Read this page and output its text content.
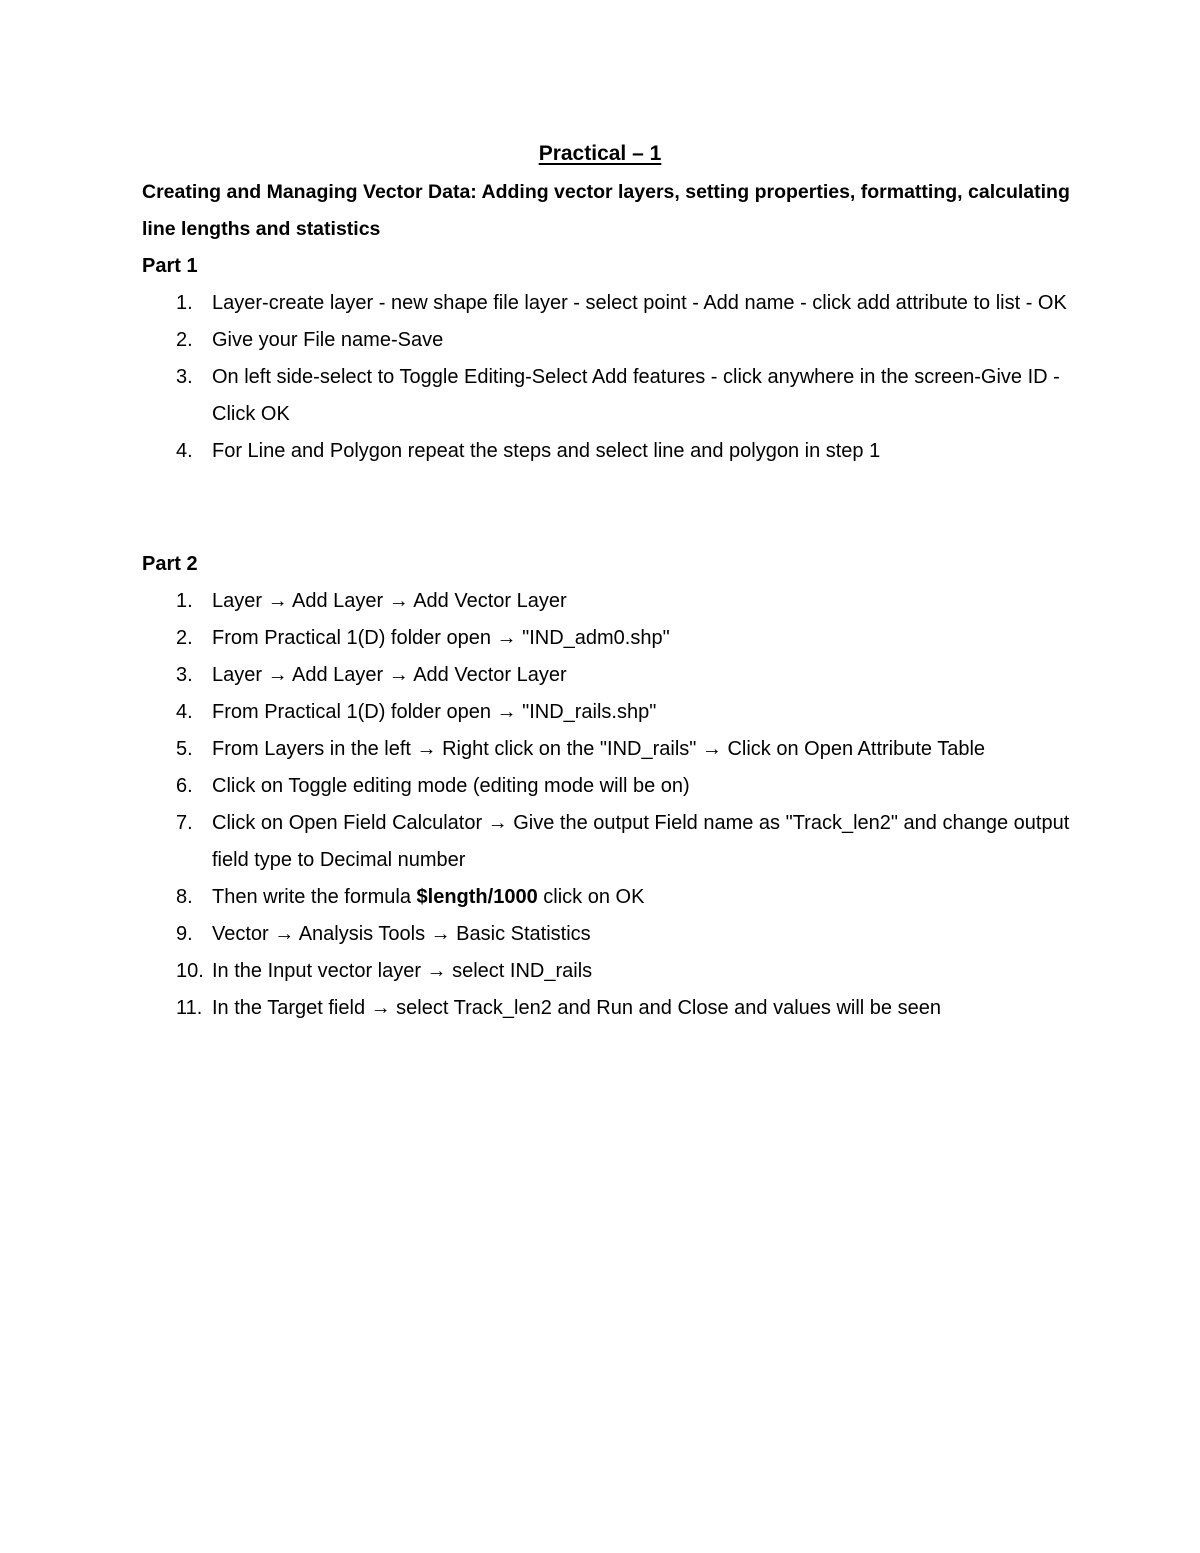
Practical – 1
Creating and Managing Vector Data: Adding vector layers, setting properties, formatting, calculating line lengths and statistics
Part 1
1. Layer-create layer - new shape file layer - select point - Add name - click add attribute to list - OK
2. Give your File name-Save
3. On left side-select to Toggle Editing-Select Add features - click anywhere in the screen-Give ID - Click OK
4. For Line and Polygon repeat the steps and select line and polygon in step 1
Part 2
1. Layer → Add Layer → Add Vector Layer
2. From Practical 1(D) folder open → "IND_adm0.shp"
3. Layer → Add Layer → Add Vector Layer
4. From Practical 1(D) folder open → "IND_rails.shp"
5. From Layers in the left → Right click on the "IND_rails" → Click on Open Attribute Table
6. Click on Toggle editing mode (editing mode will be on)
7. Click on Open Field Calculator → Give the output Field name as "Track_len2" and change output field type to Decimal number
8. Then write the formula $length/1000 click on OK
9. Vector → Analysis Tools → Basic Statistics
10. In the Input vector layer → select IND_rails
11. In the Target field → select Track_len2 and Run and Close and values will be seen
